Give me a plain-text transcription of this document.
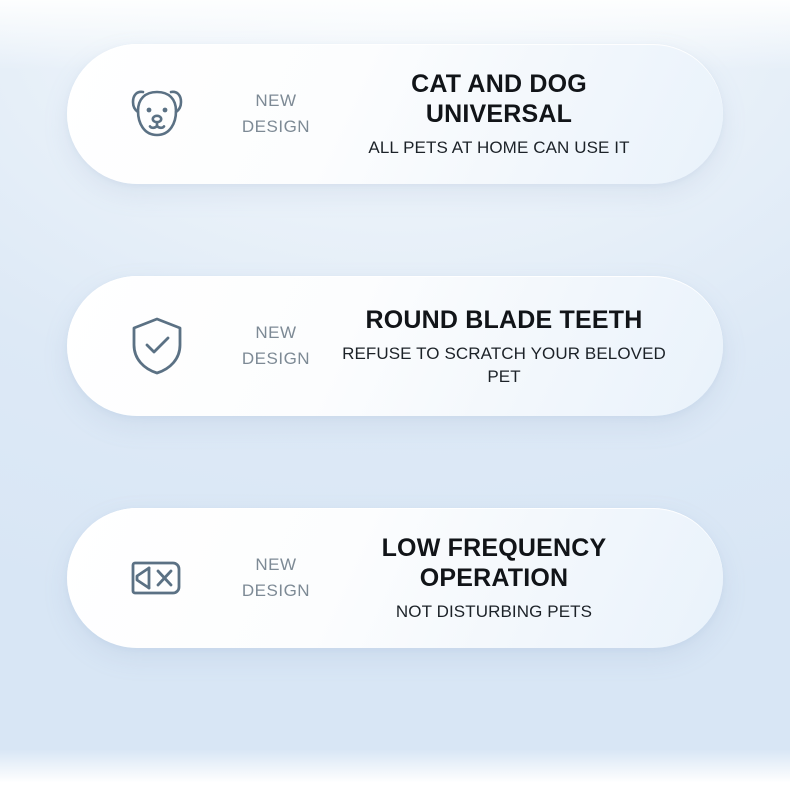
NEW
DESIGN
CAT AND DOG UNIVERSAL
ALL PETS AT HOME CAN USE IT
NEW
DESIGN
ROUND BLADE TEETH
REFUSE TO SCRATCH YOUR BELOVED PET
NEW
DESIGN
LOW FREQUENCY OPERATION
NOT DISTURBING PETS
